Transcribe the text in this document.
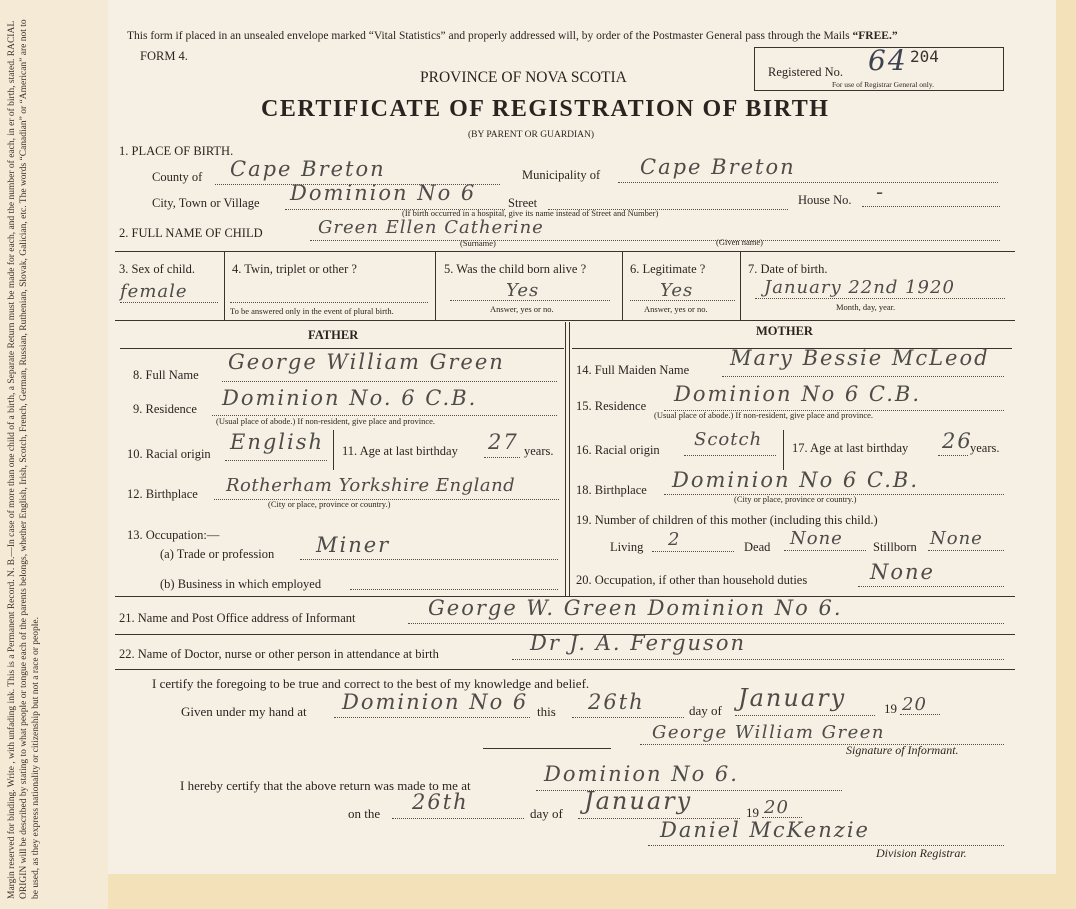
Margin reserved for binding. Write , with unfading ink. This is a Permanent Record. N. B.—In case of more than one child of a birth, a Separate Return must be made for each, and the number of each, in er of birth, stated. RACIAL ORIGIN will be described by stating to what people or tongue each of the parents belongs, whether English, Irish, Scotch, French, German, Russian, Ruthenian, Slovak, Galician, etc. The words “Canadian” or “American” are not to be used, as they express nationality or citizenship but not a race or people.
This form if placed in an unsealed envelope marked “Vital Statistics” and properly addressed will, by order of the Postmaster General pass through the Mails “FREE.”
FORM 4.
PROVINCE OF NOVA SCOTIA
CERTIFICATE OF REGISTRATION OF BIRTH
(BY PARENT OR GUARDIAN)
Registered No. 64 204
For use of Registrar General only.
1. PLACE OF BIRTH.
County of Cape Breton	Municipality of Cape Breton
City, Town or Village Dominion No 6	Street	House No. -
(If birth occurred in a hospital, give its name instead of Street and Number)
2. FULL NAME OF CHILD	Green Ellen Catherine
(Surname)	(Given name)
3. Sex of child.
female
4. Twin, triplet or other ?
To be answered only in the event of plural birth.
5. Was the child born alive ?
Yes
Answer, yes or no.
6. Legitimate ?
Yes
Answer, yes or no.
7. Date of birth.
January 22nd 1920
Month, day, year.
FATHER
8. Full Name
George William Green
9. Residence Dominion No. 6 C.B.
(Usual place of abode.) If non-resident, give place and province.
10. Racial origin English 11. Age at last birthday 27 years.
12. Birthplace Rotherham Yorkshire England
(City or place, province or country.)
MOTHER
14. Full Maiden Name Mary Bessie McLeod
15. Residence Dominion No 6 C.B.
(Usual place of abode.) If non-resident, give place and province.
16. Racial origin Scotch 17. Age at last birthday 26
years.
18. Birthplace Dominion No 6 C.B.
(City or place, province or country.)
13. Occupation:—
(a) Trade or profession Miner
(b) Business in which employed
19. Number of children of this mother (including this child.)
Living 2	Dead None Stillborn None
20. Occupation, if other than household duties	None
21. Name and Post Office address of Informant	George W. Green Dominion No 6.
22. Name of Doctor, nurse or other person in attendance at birth	Dr J. A. Ferguson
I certify the foregoing to be true and correct to the best of my knowledge and belief.
Given under my hand at Dominion No 6 this 26th	day of January	19 20
George William Green
Signature of Informant.
I hereby certify that the above return was made to me at	Dominion No 6.
on the 26th	day of January	19 20
Daniel McKenzie
Division Registrar.
